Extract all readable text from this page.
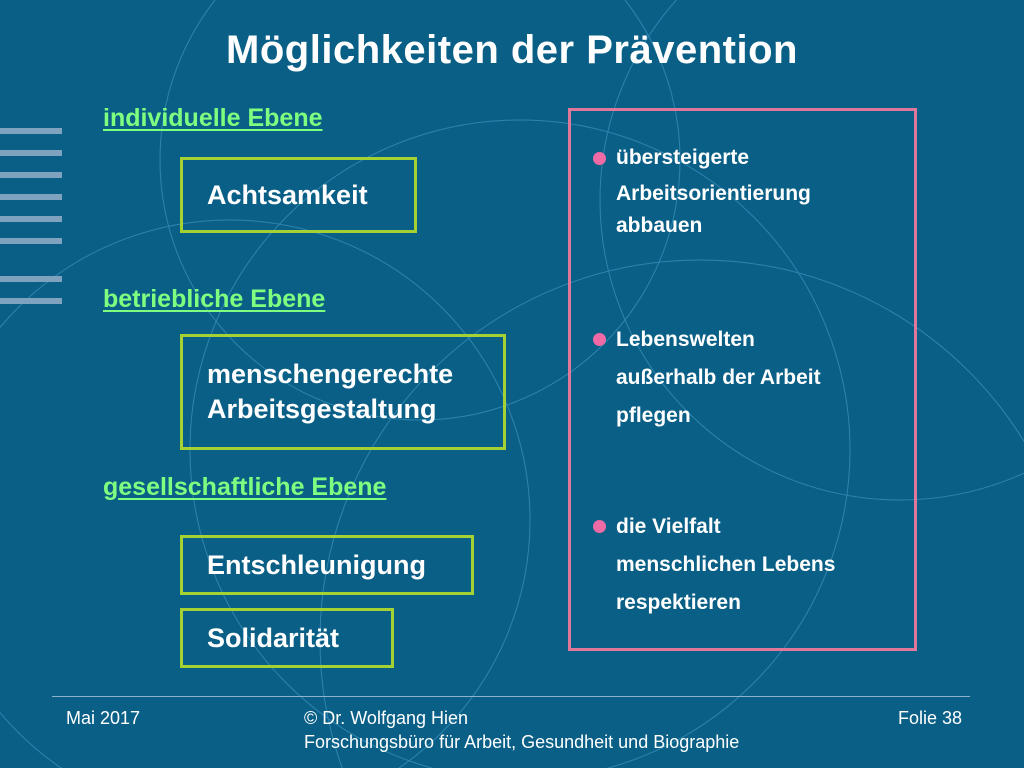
Möglichkeiten der Prävention
individuelle Ebene
Achtsamkeit
betriebliche Ebene
menschengerechte
Arbeitsgestaltung
gesellschaftliche Ebene
Entschleunigung
Solidarität
übersteigerte
Arbeitsorientierung
abbauen
Lebenswelten
außerhalb der Arbeit
pflegen
die Vielfalt
menschlichen Lebens
respektieren
Mai 2017	© Dr. Wolfgang Hien
Forschungsbüro für Arbeit, Gesundheit und Biographie
Folie 38
